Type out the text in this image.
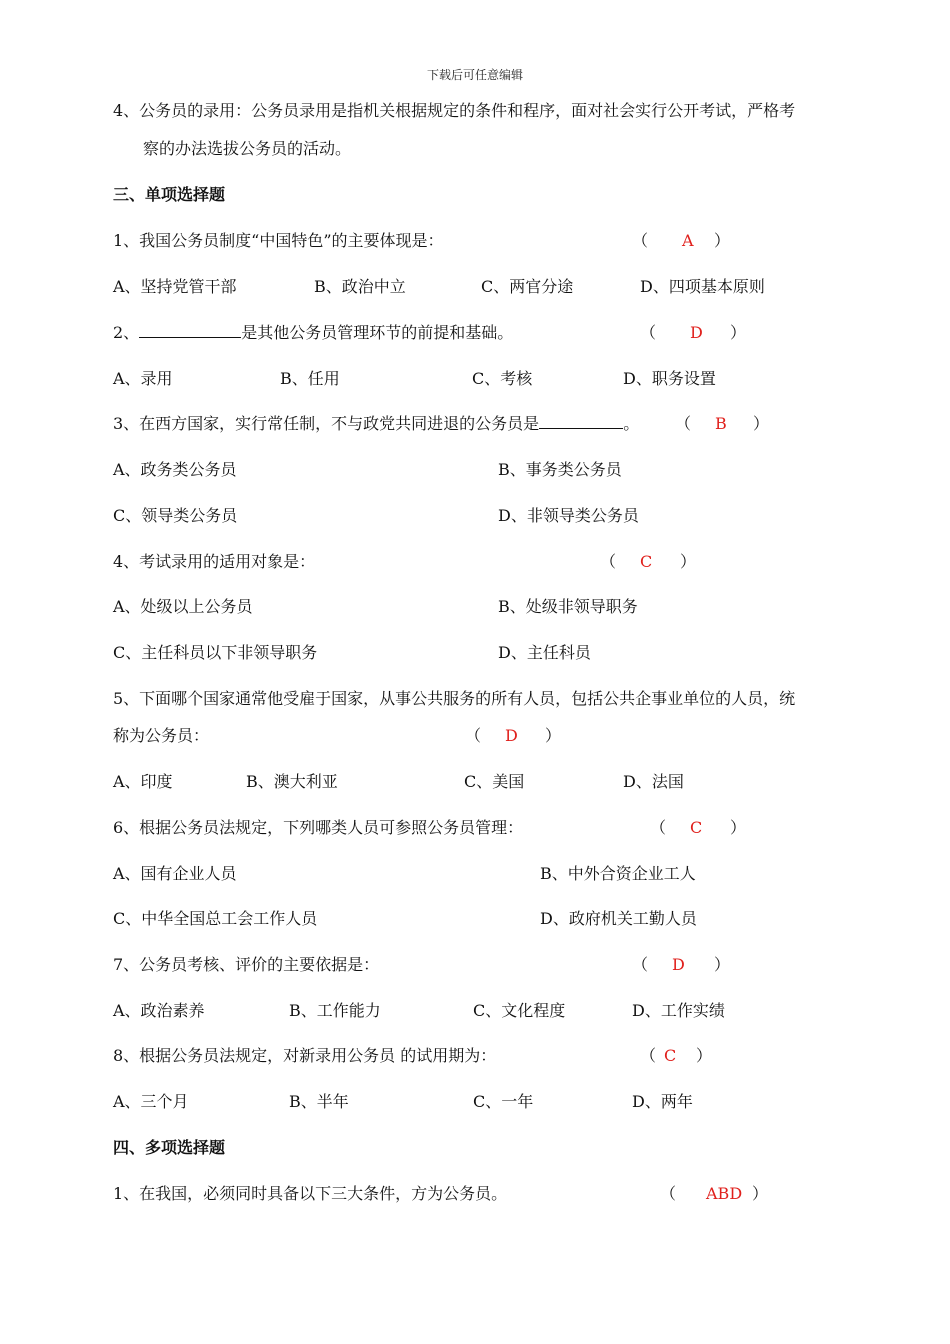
下载后可任意编辑
4、公务员的录用：公务员录用是指机关根据规定的条件和程序，面对社会实行公开考试，严格考
察的办法选拔公务员的活动。
三、单项选择题
1、我国公务员制度“中国特色”的主要体现是：	（ A ）
A、坚持党管干部	B、政治中立	C、两官分途	D、四项基本原则
2、	是其他公务员管理环节的前提和基础。	（ D ）
A、录用	B、任用	C、考核	D、职务设置
3、在西方国家，实行常任制，不与政党共同进退的公务员是	。 （ B ）
A、政务类公务员	B、事务类公务员
C、领导类公务员	D、非领导类公务员
4、考试录用的适用对象是：	（ C ）
A、处级以上公务员	B、处级非领导职务
C、主任科员以下非领导职务	D、主任科员
5、下面哪个国家通常他受雇于国家，从事公共服务的所有人员，包括公共企事业单位的人员，统
称为公务员：	（ D ）
A、印度	B、澳大利亚	C、美国	D、法国
6、根据公务员法规定，下列哪类人员可参照公务员管理：	（ C ）
A、国有企业人员	B、中外合资企业工人
C、中华全国总工会工作人员	D、政府机关工勤人员
7、公务员考核、评价的主要依据是：	（ D ）
A、政治素养	B、工作能力	C、文化程度	D、工作实绩
8、根据公务员法规定，对新录用公务员 的试用期为：	（ C ）
A、三个月	B、半年	C、一年	D、两年
四、多项选择题
1、在我国，必须同时具备以下三大条件，方为公务员。	（ ABD ）
